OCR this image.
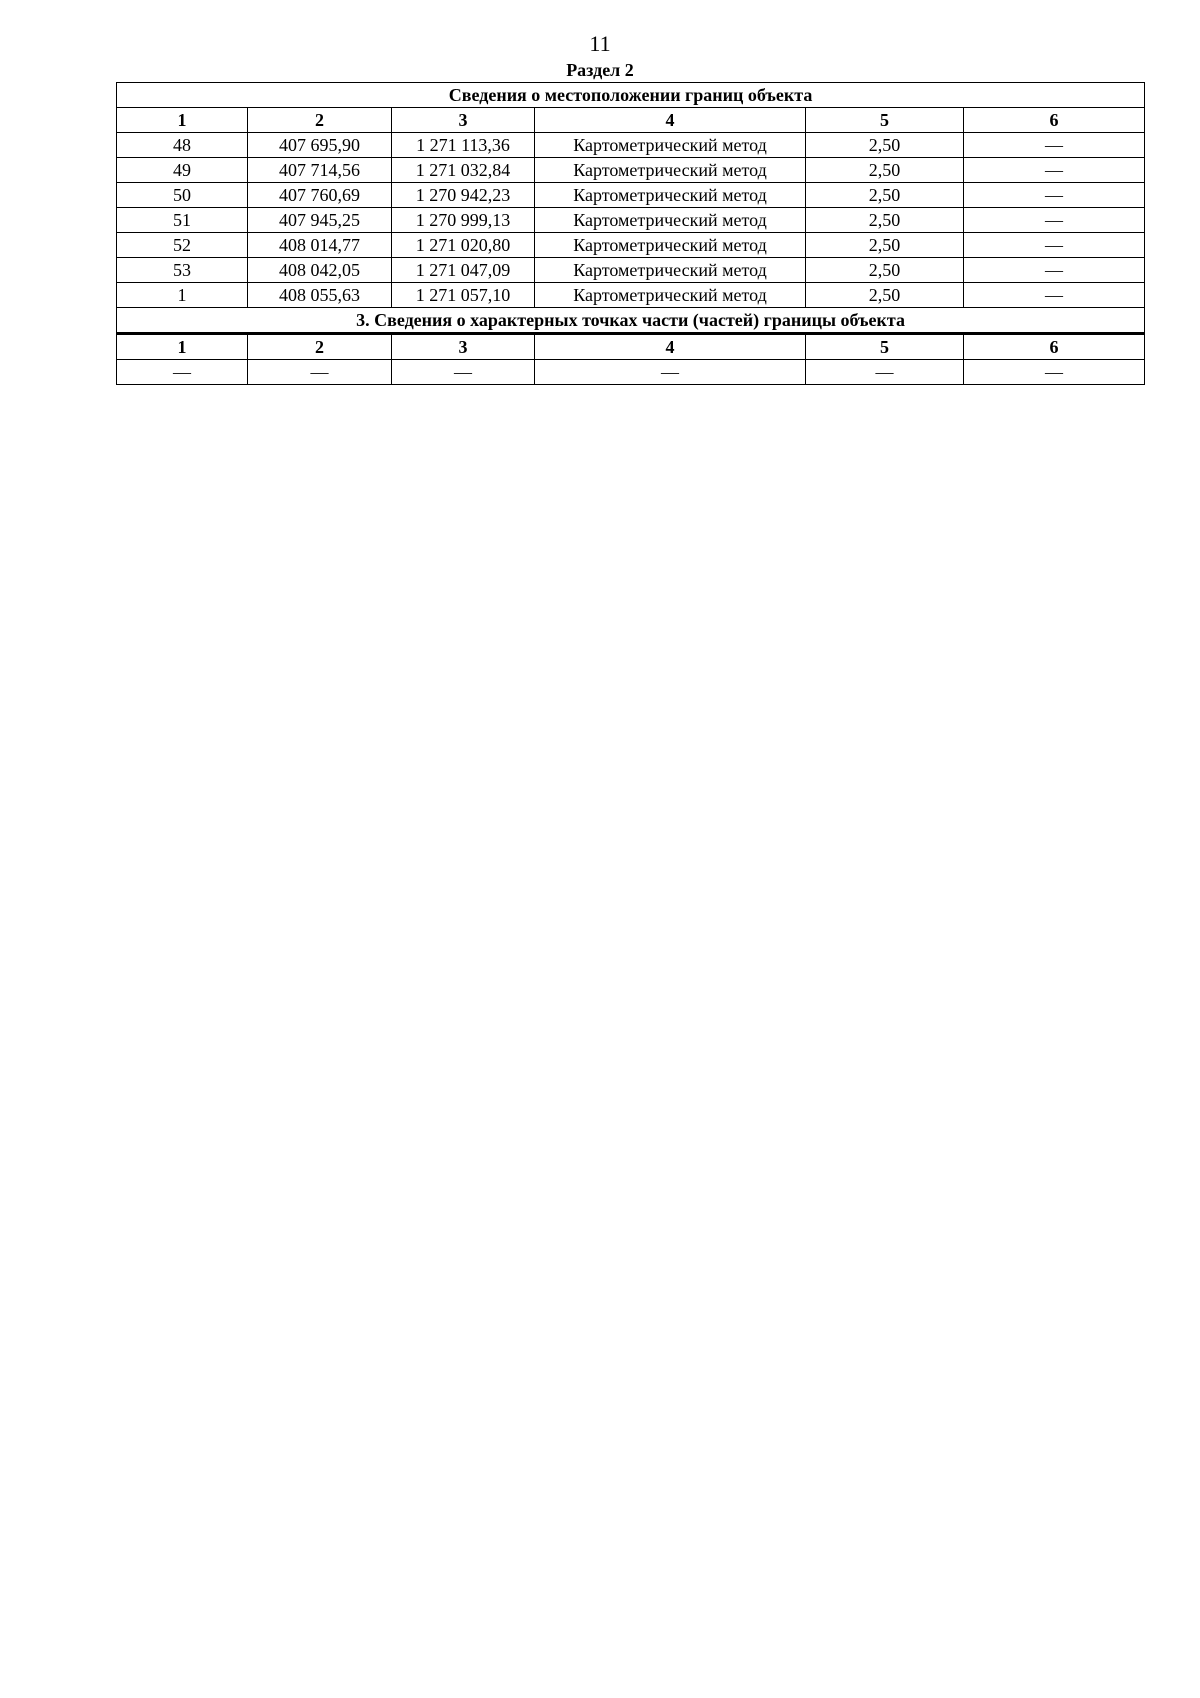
11
Раздел 2
Сведения о местоположении границ объекта					
1	2	3	4	5	6
48	407 695,90	1 271 113,36	Картометрический метод	2,50	—
49	407 714,56	1 271 032,84	Картометрический метод	2,50	—
50	407 760,69	1 270 942,23	Картометрический метод	2,50	—
51	407 945,25	1 270 999,13	Картометрический метод	2,50	—
52	408 014,77	1 271 020,80	Картометрический метод	2,50	—
53	408 042,05	1 271 047,09	Картометрический метод	2,50	—
1	408 055,63	1 271 057,10	Картометрический метод	2,50	—
3. Сведения о характерных точках части (частей) границы объекта					
1	2	3	4	5	6
—	—	—	—	—	—
